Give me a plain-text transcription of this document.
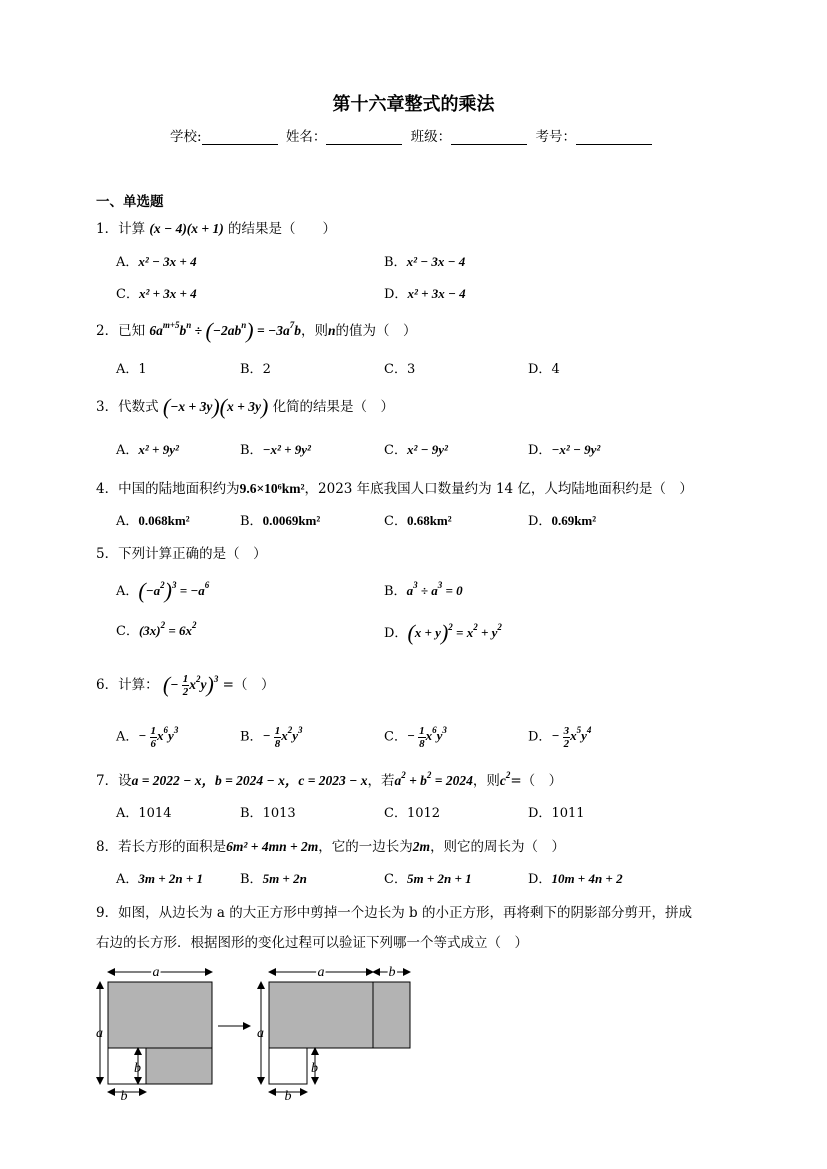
第十六章整式的乘法
学校:	姓名：	班级：	考号：
一、单选题
1．计算 (x − 4)(x + 1) 的结果是（　　）
A．x² − 3x + 4	B．x² − 3x − 4
C．x² + 3x + 4	D．x² + 3x − 4
2．已知 $6a^{m+5}b^n \div (-2ab^n) = -3a^7b$，则n的值为（　）
A．1	B．2	C．3	D．4
3．代数式 (−x + 3y)(x + 3y) 化简的结果是（　）
A．x² + 9y²	B．−x² + 9y²	C．x² − 9y²	D．−x² − 9y²
4．中国的陆地面积约为9.6×10⁶km²，2023 年底我国人口数量约为 14 亿，人均陆地面积约是（　）
A．0.068km²	B．0.0069km²	C．0.68km²	D．0.69km²
5．下列计算正确的是（　）
A．$(-a^2)^3 = -a^6$	B．$a^3 \div a^3 = 0$
C．$(3x)^2 = 6x^2$
D．$(x + y)^2 = x^2 + y^2$
6．计算： (− $\frac{1}{2} x^2y)^3$ =（　）
A．− $\frac{1}{6} x^6y^3$	B．− $\frac{1}{8} x^2y^3$	C．− $\frac{1}{8} x^6y^3$	D．− $\frac{3}{2} x^5y^4$
7．设a = 2022 − x，b = 2024 − x，c = 2023 − x，若$a^2 + b^2 = 2024$，则$c^2=$（　）
A．1014	B．1013	C．1012	D．1011
8．若长方形的面积是6m² + 4mn + 2m，它的一边长为2m，则它的周长为（　）
A．3m + 2n + 1	B．5m + 2n	C．5m + 2n + 1	D．10m + 4n + 2
9．如图，从边长为 a 的大正方形中剪掉一个边长为 b 的小正方形，再将剩下的阴影部分剪开，拼成
右边的长方形．根据图形的变化过程可以验证下列哪一个等式成立（　）
a
a
b
b
a	b
a
b
b
